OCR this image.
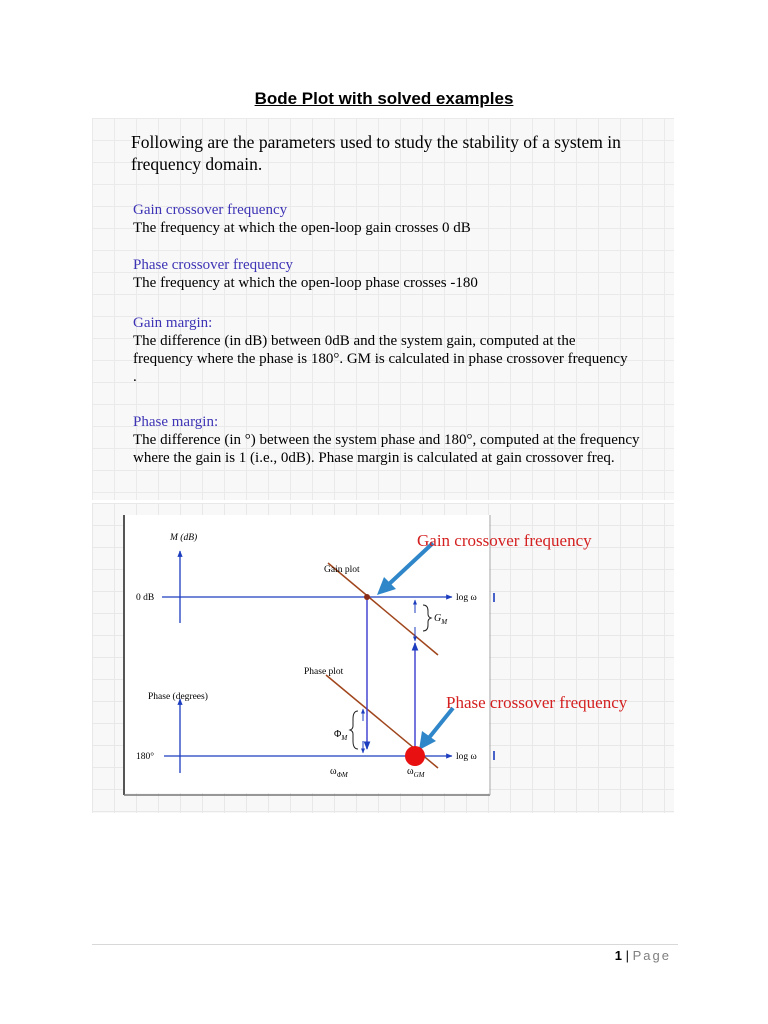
Bode Plot with solved examples
Following are the parameters used to study the stability of a system in frequency domain.
Gain crossover frequency
The frequency at which the open-loop gain crosses 0 dB
Phase crossover frequency
The frequency at which the open-loop phase crosses -180
Gain margin:
The difference (in dB) between 0dB and the system gain, computed at the frequency where the phase is 180°. GM is calculated in phase crossover frequency .
Phase margin:
The difference (in °) between the system phase and 180°, computed at the frequency where the gain is 1 (i.e., 0dB). Phase margin is calculated at gain crossover freq.
M (dB)
0 dB
Gain plot
log ω
$G_M$
Phase plot
Phase (degrees)
$\Phi_M$
180°	log ω
$\omega_{\Phi M}$	$\omega_{GM}$
Gain crossover frequency
Phase crossover frequency
1 | Page
